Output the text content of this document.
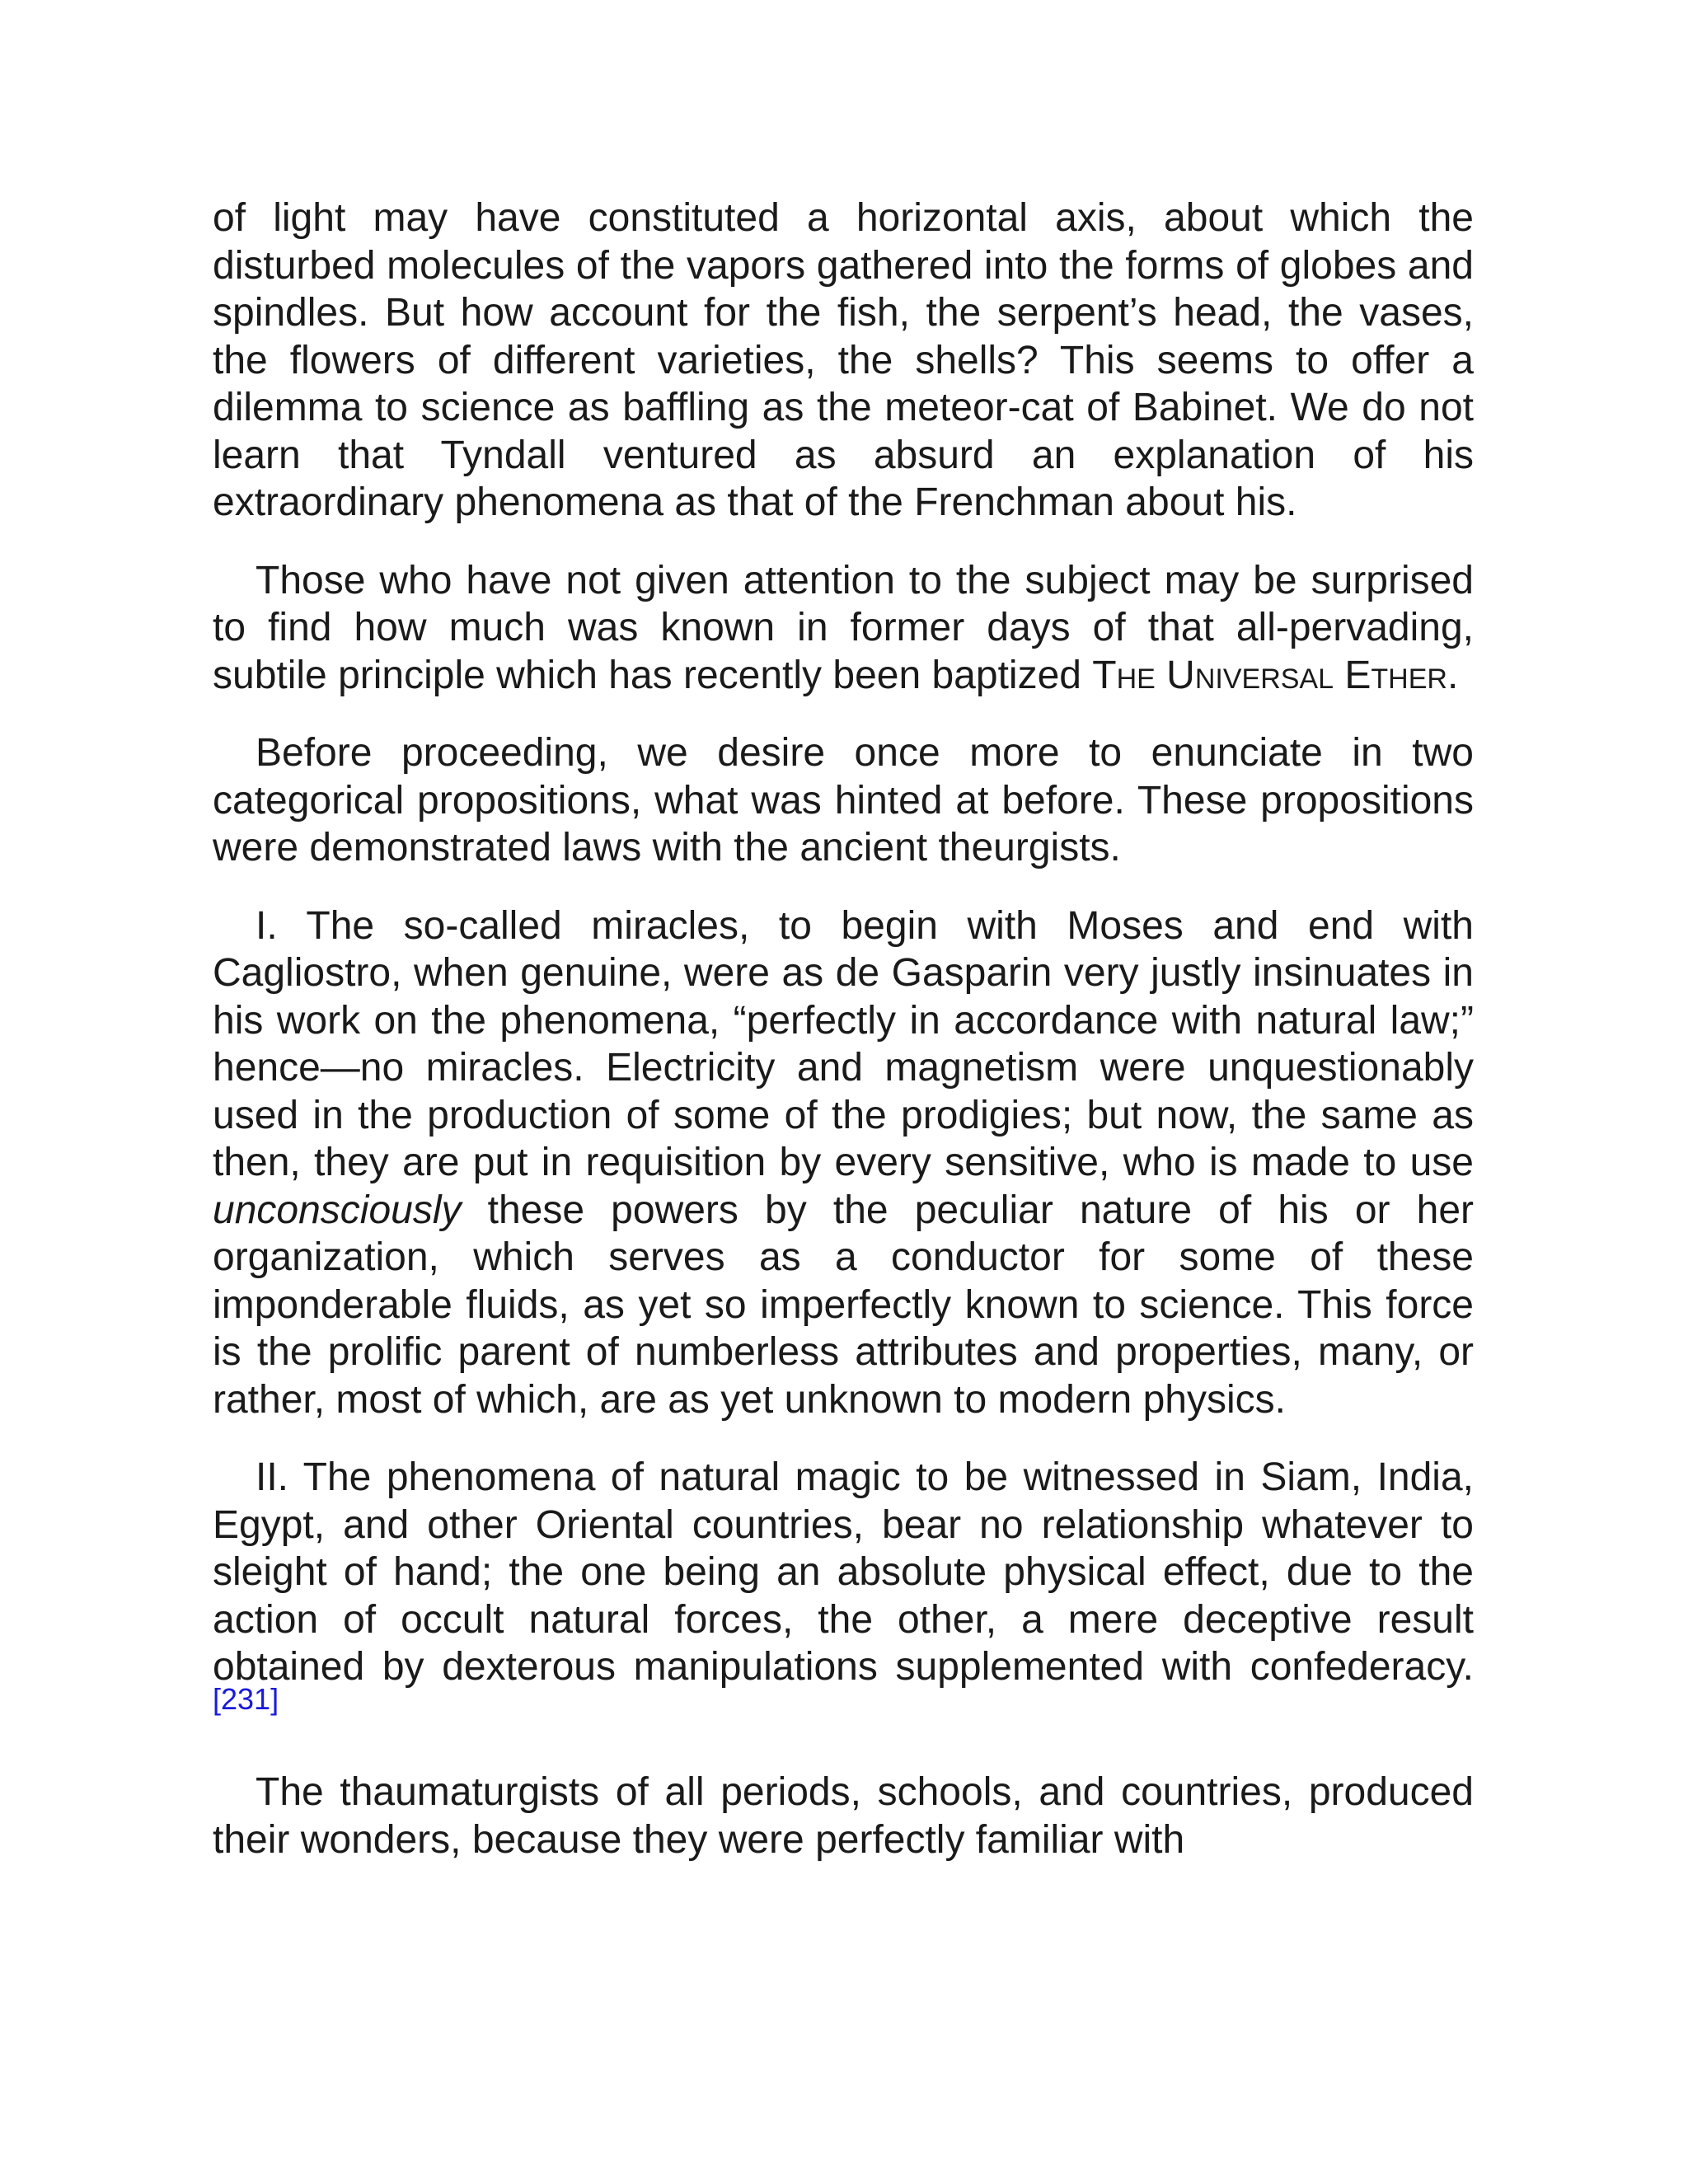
of light may have constituted a horizontal axis, about which the disturbed molecules of the vapors gathered into the forms of globes and spindles. But how account for the fish, the serpent’s head, the vases, the flowers of different varieties, the shells? This seems to offer a dilemma to science as baffling as the meteor-cat of Babinet. We do not learn that Tyndall ventured as absurd an explanation of his extraordinary phenomena as that of the Frenchman about his.

Those who have not given attention to the subject may be surprised to find how much was known in former days of that all-pervading, subtile principle which has recently been baptized The Universal Ether.

Before proceeding, we desire once more to enunciate in two categorical propositions, what was hinted at before. These propositions were demonstrated laws with the ancient theurgists.

I. The so-called miracles, to begin with Moses and end with Cagliostro, when genuine, were as de Gasparin very justly insinuates in his work on the phenomena, “perfectly in accordance with natural law;” hence—no miracles. Electricity and magnetism were unquestionably used in the production of some of the prodigies; but now, the same as then, they are put in requisition by every sensitive, who is made to use unconsciously these powers by the peculiar nature of his or her organization, which serves as a conductor for some of these imponderable fluids, as yet so imperfectly known to science. This force is the prolific parent of numberless attributes and properties, many, or rather, most of which, are as yet unknown to modern physics.

II. The phenomena of natural magic to be witnessed in Siam, India, Egypt, and other Oriental countries, bear no relationship whatever to sleight of hand; the one being an absolute physical effect, due to the action of occult natural forces, the other, a mere deceptive result obtained by dexterous manipulations supplemented with confederacy.[231]

The thaumaturgists of all periods, schools, and countries, produced their wonders, because they were perfectly familiar with
